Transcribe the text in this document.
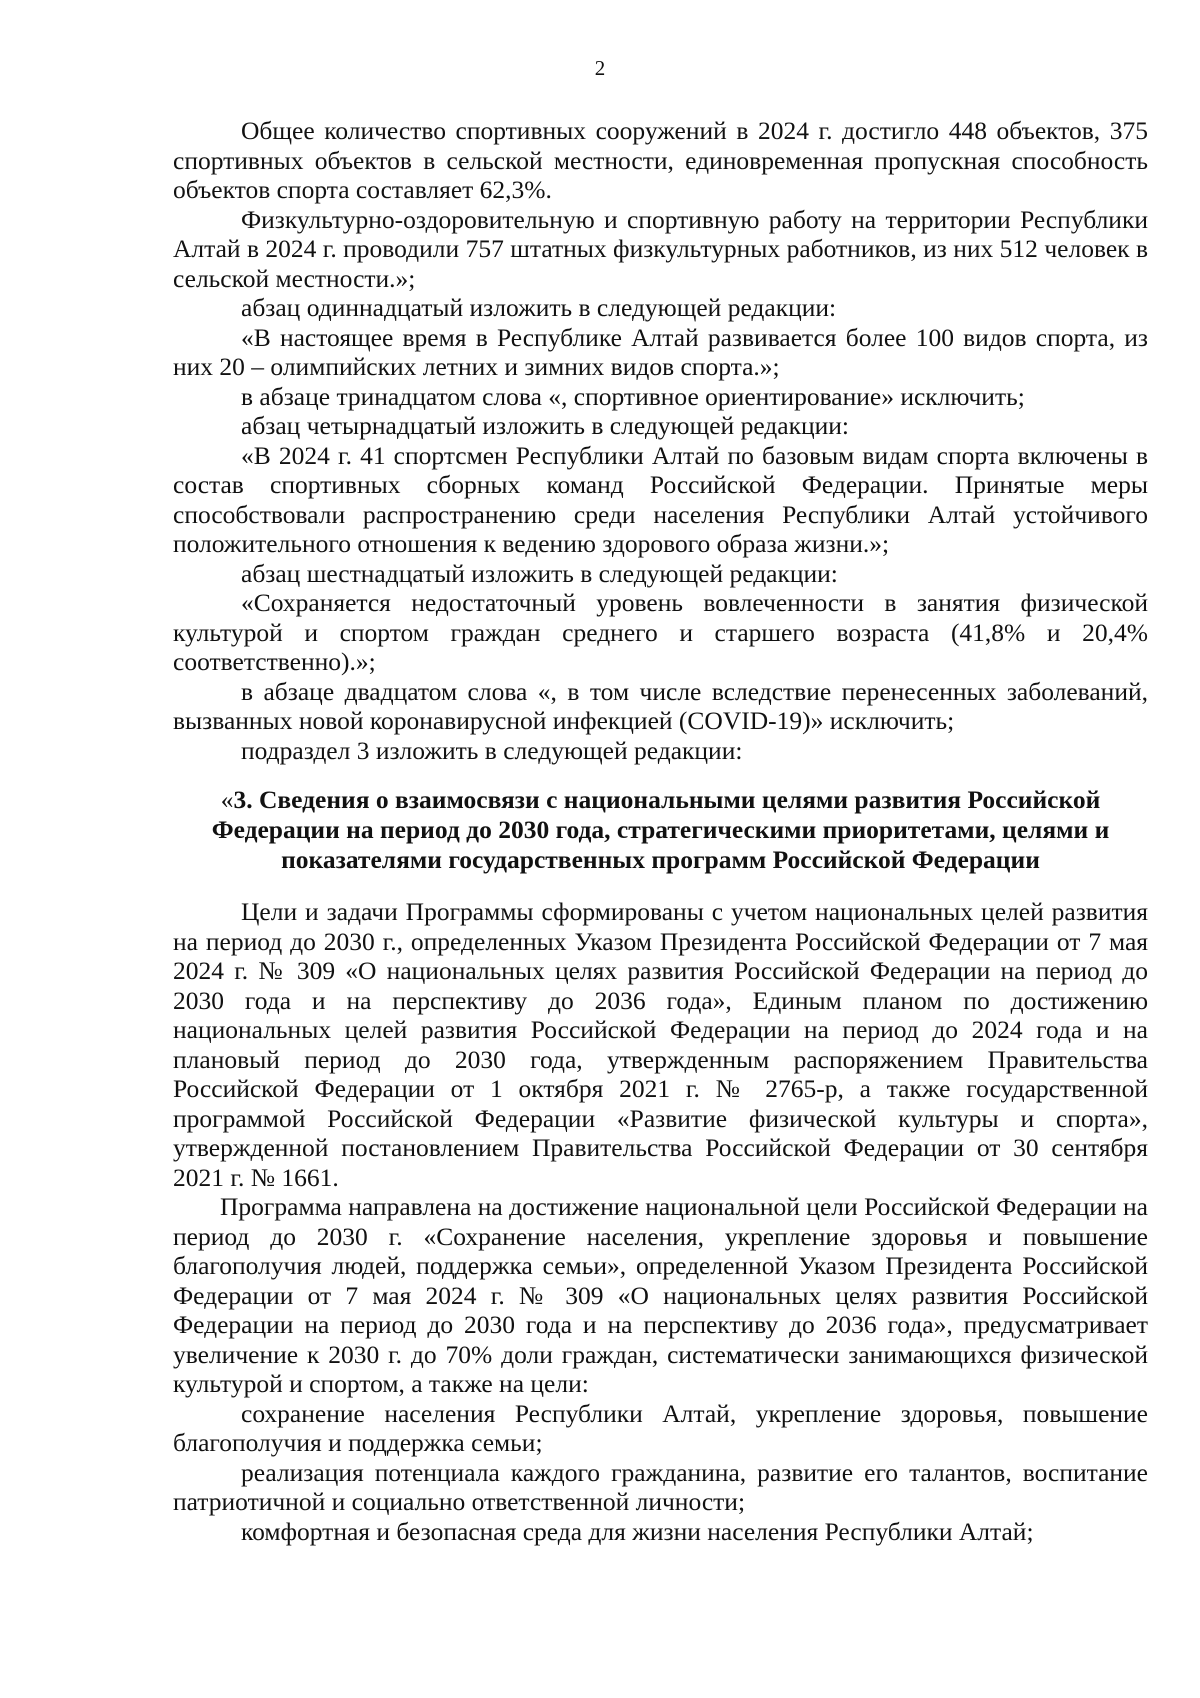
2

Общее количество спортивных сооружений в 2024 г. достигло 448 объектов, 375 спортивных объектов в сельской местности, единовременная пропускная способность объектов спорта составляет 62,3%.

Физкультурно-оздоровительную и спортивную работу на территории Республики Алтай в 2024 г. проводили 757 штатных физкультурных работников, из них 512 человек в сельской местности.»;

абзац одиннадцатый изложить в следующей редакции:

«В настоящее время в Республике Алтай развивается более 100 видов спорта, из них 20 – олимпийских летних и зимних видов спорта.»;

в абзаце тринадцатом слова «, спортивное ориентирование» исключить;

абзац четырнадцатый изложить в следующей редакции:

«В 2024 г. 41 спортсмен Республики Алтай по базовым видам спорта включены в состав спортивных сборных команд Российской Федерации. Принятые меры способствовали распространению среди населения Республики Алтай устойчивого положительного отношения к ведению здорового образа жизни.»;

абзац шестнадцатый изложить в следующей редакции:

«Сохраняется недостаточный уровень вовлеченности в занятия физической культурой и спортом граждан среднего и старшего возраста (41,8% и 20,4% соответственно).»;

в абзаце двадцатом слова «, в том числе вследствие перенесенных заболеваний, вызванных новой коронавирусной инфекцией (COVID-19)» исключить;

подраздел 3 изложить в следующей редакции:

«3. Сведения о взаимосвязи с национальными целями развития Российской Федерации на период до 2030 года, стратегическими приоритетами, целями и показателями государственных программ Российской Федерации

Цели и задачи Программы сформированы с учетом национальных целей развития на период до 2030 г., определенных Указом Президента Российской Федерации от 7 мая 2024 г. № 309 «О национальных целях развития Российской Федерации на период до 2030 года и на перспективу до 2036 года», Единым планом по достижению национальных целей развития Российской Федерации на период до 2024 года и на плановый период до 2030 года, утвержденным распоряжением Правительства Российской Федерации от 1 октября 2021 г. № 2765-р, а также государственной программой Российской Федерации «Развитие физической культуры и спорта», утвержденной постановлением Правительства Российской Федерации от 30 сентября 2021 г. № 1661.

Программа направлена на достижение национальной цели Российской Федерации на период до 2030 г. «Сохранение населения, укрепление здоровья и повышение благополучия людей, поддержка семьи», определенной Указом Президента Российской Федерации от 7 мая 2024 г. № 309 «О национальных целях развития Российской Федерации на период до 2030 года и на перспективу до 2036 года», предусматривает увеличение к 2030 г. до 70% доли граждан, систематически занимающихся физической культурой и спортом, а также на цели:

сохранение населения Республики Алтай, укрепление здоровья, повышение благополучия и поддержка семьи;

реализация потенциала каждого гражданина, развитие его талантов, воспитание патриотичной и социально ответственной личности;

комфортная и безопасная среда для жизни населения Республики Алтай;
